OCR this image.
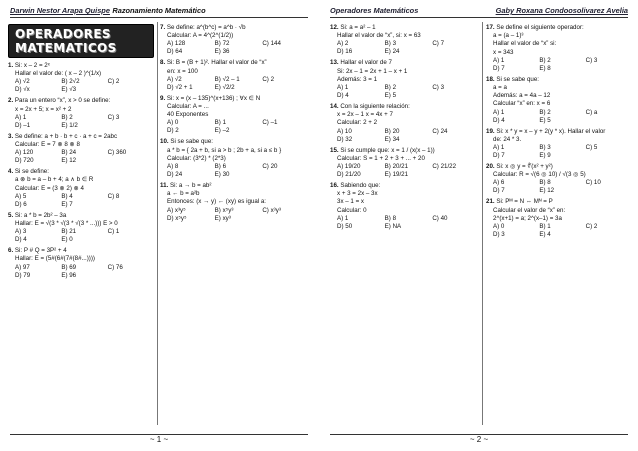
Darwin Nestor Arapa Quispe Razonamiento Matemático
OPERADORES MATEMATICOS
1. Si: x – 2 = 2ˣ
Hallar el valor de: ( x – 2 )^(1/x)
A) √2	B) 2√2	C) 2
D) √x	E) √3
2. Para un entero “x”, x > 0 se define:
x = 2x + 5; x = x² + 2
A) 1	B) 2	C) 3
D) –1	E) 1/2
3. Se define: a + b · b + c · a + c = 2abc
Calcular: E = 7 ⊗ 8 ⊗ 8
A) 120	B) 24	C) 360
D) 720	E) 12
4. Si se define:
a ⊗ b = a – b + 4; a ∧ b ∈ R
Calcular: E = (3 ⊗ 2) ⊗ 4
A) 5	B) 4	C) 8
D) 6	E) 7
5. Si: a * b = 2b² – 3a
Hallar: E = √(3 * √(3 * √(3 * ...))) E > 0
A) 3	B) 21	C) 1
D) 4	E) 0
6. Si: P # Q = 3P² + 4
Hallar: E = (5#(6#(7#(8#...))))
A) 97	B) 69	C) 76
D) 79	E) 96
7. Se define: a^(b^c) = a^b · √b
Calcular: A = 4^(2^(1/2))
A) 128	B) 72	C) 144
D) 64	E) 36
8. Si: B = (B + 1)². Hallar el valor de “x”
en: x = 100
A) √2	B) √2 – 1	C) 2
D) √2 + 1	E) √2/2
9. Si: x = (x – 135)^(x+136) ; ∀x ∈ N
Calcular: A = ...
40 Exponentes
A) 0	B) 1	C) –1
D) 2	E) –2
10. Si se sabe que:
a * b = { 2a + b, si a > b ; 2b + a, si a ≤ b }
Calcular: (3*2) * (2*3)
A) 8	B) 6	C) 20
D) 24	E) 30
11. Si: a → b = ab²
a ← b = a²b
Entonces: (x → y) ← (xy) es igual a:
A) x³y⁵	B) x⁵y³	C) x³y³
D) x⁵y⁵	E) xy³
~ 1 ~
Operadores Matemáticos	Gaby Roxana Condoosolivarez Avelia
12. Si: a = a² – 1
Hallar el valor de “x”, si: x = 63
A) 2	B) 3	C) 7
D) 16	E) 24
13. Hallar el valor de 7
Si: 2x – 1 = 2x + 1 – x + 1
Además: 3 = 1
A) 1	B) 2	C) 3
D) 4	E) 5
14. Con la siguiente relación:
x = 2x – 1 x = 4x + 7
Calcular: 2 + 2
A) 10	B) 20	C) 24
D) 32	E) 34
15. Si se cumple que: x = 1 / (x(x – 1))
Calcular: S = 1 + 2 + 3 + ... + 20
A) 19/20	B) 20/21	C) 21/22
D) 21/20	E) 19/21
16. Sabiendo que:
x + 3 = 2x – 3x
3x – 1 = x
Calcular: 0
A) 1	B) 8	C) 40
D) 50	E) NA
17. Se define el siguiente operador:
a = (a – 1)³
Hallar el valor de “x” si:
x = 343
A) 1	B) 2	C) 3
D) 7	E) 8
18. Si se sabe que:
a = a
Además: a = 4a – 12
Calcular “x” en: x = 6
A) 1	B) 2	C) a
D) 4	E) 5
19. Si: x * y = x – y + 2(y * x). Hallar el valor
de: 24 * 3.
A) 1	B) 3	C) 5
D) 7	E) 9
20. Si: x ◎ y = ∜(x² + y²)
Calcular: R = √(6 ◎ 10) / √(3 ◎ 5)
A) 6	B) 8	C) 10
D) 7	E) 12
21. Si: Pᴹ = N ⇔ Mᴺ = P
Calcular el valor de “x” en:
2^(x+1) = a; 2^(x–1) = 3a
A) 0	B) 1	C) 2
D) 3	E) 4
~ 2 ~
